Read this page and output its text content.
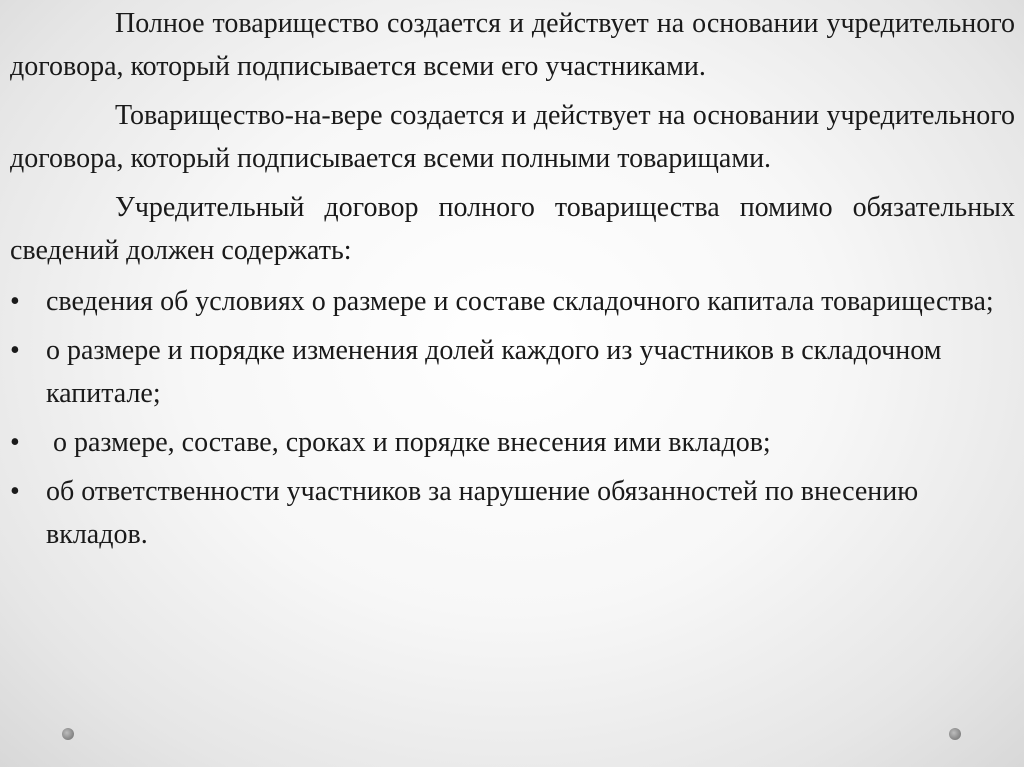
Полное товарищество создается и действует на основании учредительного договора, который подписывается всеми его участниками.

Товарищество-на-вере создается и действует на основании учредительного договора, который подписывается всеми полными товарищами.

Учредительный договор полного товарищества помимо обязательных сведений должен содержать:

• сведения об условиях о размере и составе складочного капитала товарищества;
• о размере и порядке изменения долей каждого из участников в складочном капитале;
• о размере, составе, сроках и порядке внесения ими вкладов;
• об ответственности участников за нарушение обязанностей по внесению вкладов.
